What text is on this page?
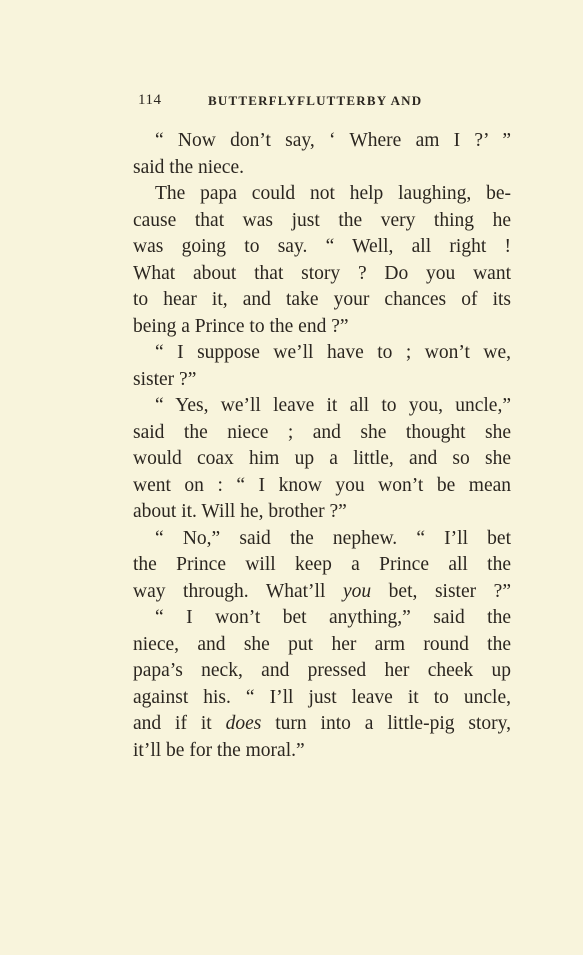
114	BUTTERFLYFLUTTERBY AND
“ Now don’t say, ‘ Where am I ?’ ”
said the niece.
The papa could not help laughing, be-
cause that was just the very thing he
was going to say. “ Well, all right !
What about that story ? Do you want
to hear it, and take your chances of its
being a Prince to the end ?”
“ I suppose we’ll have to ; won’t we,
sister ?”
“ Yes, we’ll leave it all to you, uncle,”
said the niece ; and she thought she
would coax him up a little, and so she
went on : “ I know you won’t be mean
about it. Will he, brother ?”
“ No,” said the nephew. “ I’ll bet
the Prince will keep a Prince all the
way through. What’ll you bet, sister ?”
“ I won’t bet anything,” said the
niece, and she put her arm round the
papa’s neck, and pressed her cheek up
against his. “ I’ll just leave it to uncle,
and if it does turn into a little-pig story,
it’ll be for the moral.”
